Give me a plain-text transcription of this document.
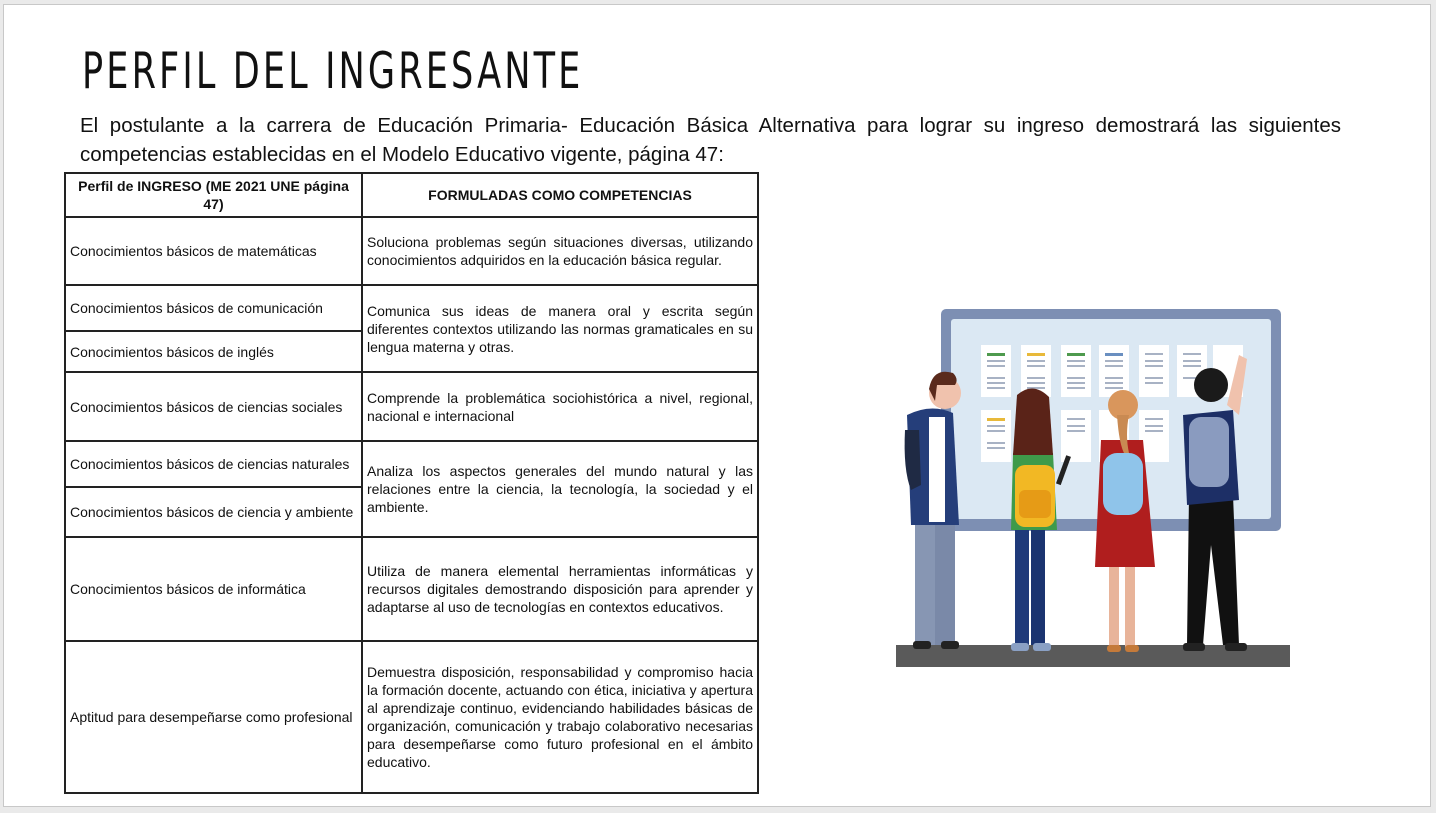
PERFIL DEL INGRESANTE

El postulante a la carrera de Educación Primaria- Educación Básica Alternativa para lograr su ingreso demostrará las siguientes competencias establecidas en el Modelo Educativo vigente, página 47:

Perfil de INGRESO (ME 2021 UNE página 47)	FORMULADAS COMO COMPETENCIAS
Conocimientos básicos de matemáticas	Soluciona problemas según situaciones diversas, utilizando conocimientos adquiridos en la educación básica regular.
Conocimientos básicos de comunicación	Comunica sus ideas de manera oral y escrita según diferentes contextos utilizando las normas gramaticales en su lengua materna y otras.
Conocimientos básicos de inglés	
Conocimientos básicos de ciencias sociales	Comprende la problemática sociohistórica a nivel, regional, nacional e internacional
Conocimientos básicos de ciencias naturales	Analiza los aspectos generales del mundo natural y las relaciones entre la ciencia, la tecnología, la sociedad y el ambiente.
Conocimientos básicos de ciencia y ambiente	
Conocimientos básicos de informática	Utiliza de manera elemental herramientas informáticas y recursos digitales demostrando disposición para aprender y adaptarse al uso de tecnologías en contextos educativos.
Aptitud para desempeñarse como profesional	Demuestra disposición, responsabilidad y compromiso hacia la formación docente, actuando con ética, iniciativa y apertura al aprendizaje continuo, evidenciando habilidades básicas de organización, comunicación y trabajo colaborativo necesarias para desempeñarse como futuro profesional en el ámbito educativo.
